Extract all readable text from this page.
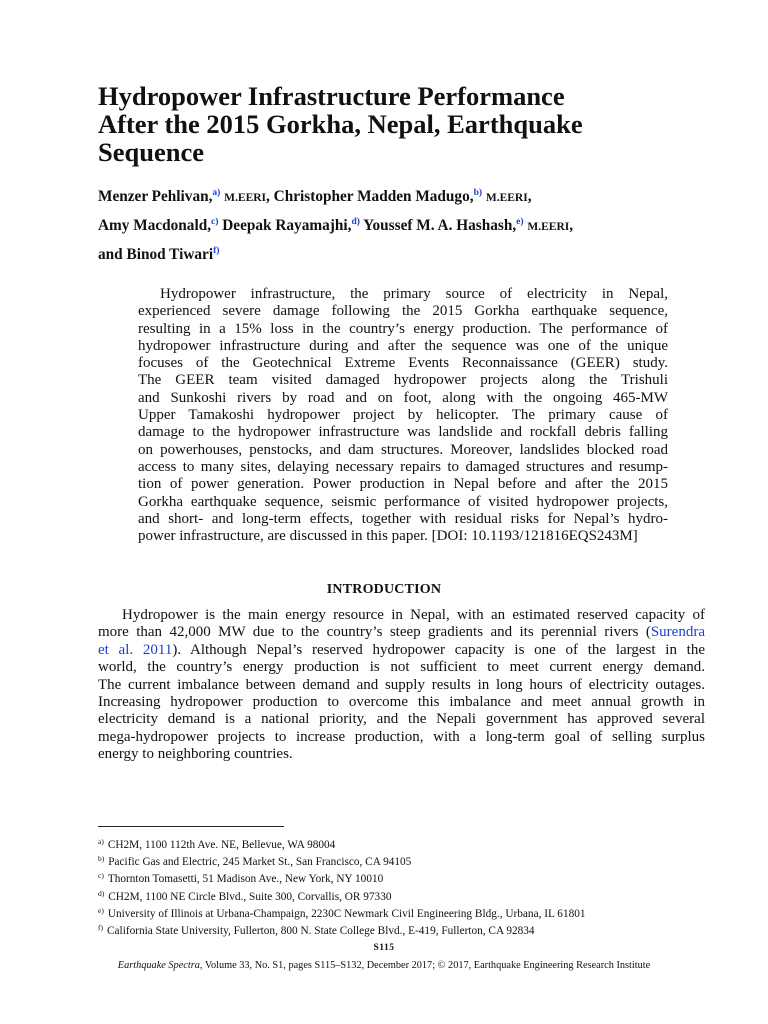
Hydropower Infrastructure Performance
After the 2015 Gorkha, Nepal, Earthquake
Sequence
Menzer Pehlivan,$^{a)}$ M.EERI, Christopher Madden Madugo,$^{b)}$ M.EERI,
Amy Macdonald,$^{c)}$ Deepak Rayamajhi,$^{d)}$ Youssef M. A. Hashash,$^{e)}$ M.EERI,
and Binod Tiwari$^{f)}$

Hydropower infrastructure, the primary source of electricity in Nepal,
experienced severe damage following the 2015 Gorkha earthquake sequence,
resulting in a 15% loss in the country’s energy production. The performance of
hydropower infrastructure during and after the sequence was one of the unique
focuses of the Geotechnical Extreme Events Reconnaissance (GEER) study.
The GEER team visited damaged hydropower projects along the Trishuli
and Sunkoshi rivers by road and on foot, along with the ongoing 465-MW
Upper Tamakoshi hydropower project by helicopter. The primary cause of
damage to the hydropower infrastructure was landslide and rockfall debris falling
on powerhouses, penstocks, and dam structures. Moreover, landslides blocked road
access to many sites, delaying necessary repairs to damaged structures and resump-
tion of power generation. Power production in Nepal before and after the 2015
Gorkha earthquake sequence, seismic performance of visited hydropower projects,
and short- and long-term effects, together with residual risks for Nepal’s hydro-
power infrastructure, are discussed in this paper. [DOI: 10.1193/121816EQS243M]

INTRODUCTION

Hydropower is the main energy resource in Nepal, with an estimated reserved capacity of
more than 42,000 MW due to the country’s steep gradients and its perennial rivers (Surendra
et al. 2011). Although Nepal’s reserved hydropower capacity is one of the largest in the
world, the country’s energy production is not sufficient to meet current energy demand.
The current imbalance between demand and supply results in long hours of electricity outages.
Increasing hydropower production to overcome this imbalance and meet annual growth in
electricity demand is a national priority, and the Nepali government has approved several
mega-hydropower projects to increase production, with a long-term goal of selling surplus
energy to neighboring countries.

$^{a)}$ CH2M, 1100 112th Ave. NE, Bellevue, WA 98004
$^{b)}$ Pacific Gas and Electric, 245 Market St., San Francisco, CA 94105
$^{c)}$ Thornton Tomasetti, 51 Madison Ave., New York, NY 10010
$^{d)}$ CH2M, 1100 NE Circle Blvd., Suite 300, Corvallis, OR 97330
$^{e)}$ University of Illinois at Urbana-Champaign, 2230C Newmark Civil Engineering Bldg., Urbana, IL 61801
$^{f)}$ California State University, Fullerton, 800 N. State College Blvd., E-419, Fullerton, CA 92834
S115
Earthquake Spectra, Volume 33, No. S1, pages S115–S132, December 2017; © 2017, Earthquake Engineering Research Institute
